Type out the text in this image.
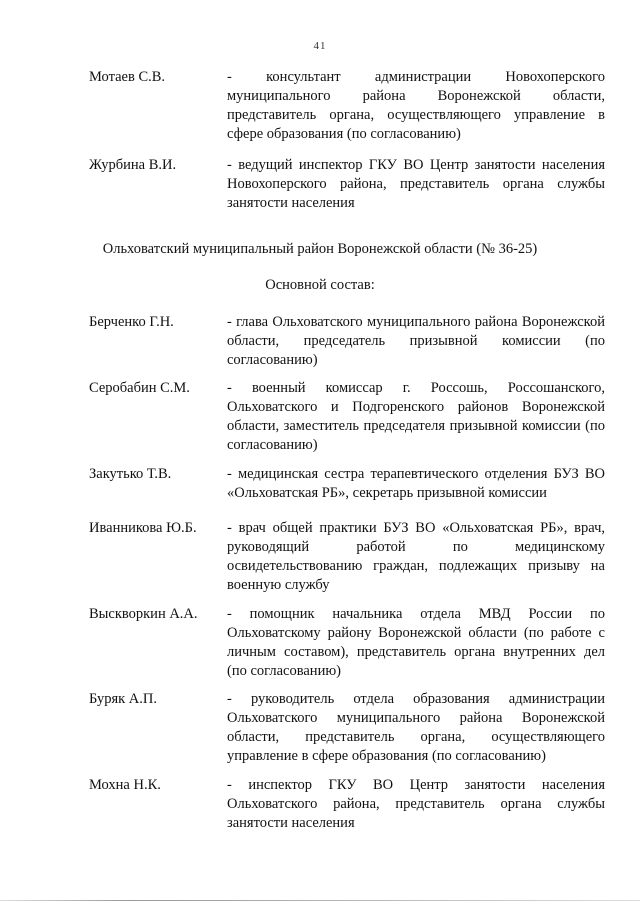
41
Мотаев С.В.	- консультант администрации Новохоперского муниципального района Воронежской области, представитель органа, осуществляющего управление в сфере образования (по согласованию)
Журбина В.И.	- ведущий инспектор ГКУ ВО Центр занятости населения Новохоперского района, представитель органа службы занятости населения
Ольховатский муниципальный район Воронежской области (№ 36-25)
Основной состав:
Берченко Г.Н.	- глава Ольховатского муниципального района Воронежской области, председатель призывной комиссии (по согласованию)
Серобабин С.М.	- военный комиссар г. Россошь, Россошанского, Ольховатского и Подгоренского районов Воронежской области, заместитель председателя призывной комиссии (по согласованию)
Закутько Т.В.	- медицинская сестра терапевтического отделения БУЗ ВО «Ольховатская РБ», секретарь призывной комиссии
Иванникова Ю.Б. - врач общей практики БУЗ ВО «Ольховатская РБ», врач, руководящий работой по медицинскому освидетельствованию граждан, подлежащих призыву на военную службу
Выскворкин А.А. - помощник начальника отдела МВД России по Ольховатскому району Воронежской области (по работе с личным составом), представитель органа внутренних дел (по согласованию)
Буряк А.П.	- руководитель отдела образования администрации Ольховатского муниципального района Воронежской области, представитель органа, осуществляющего управление в сфере образования (по согласованию)
Мохна Н.К.	- инспектор ГКУ ВО Центр занятости населения Ольховатского района, представитель органа службы занятости населения
